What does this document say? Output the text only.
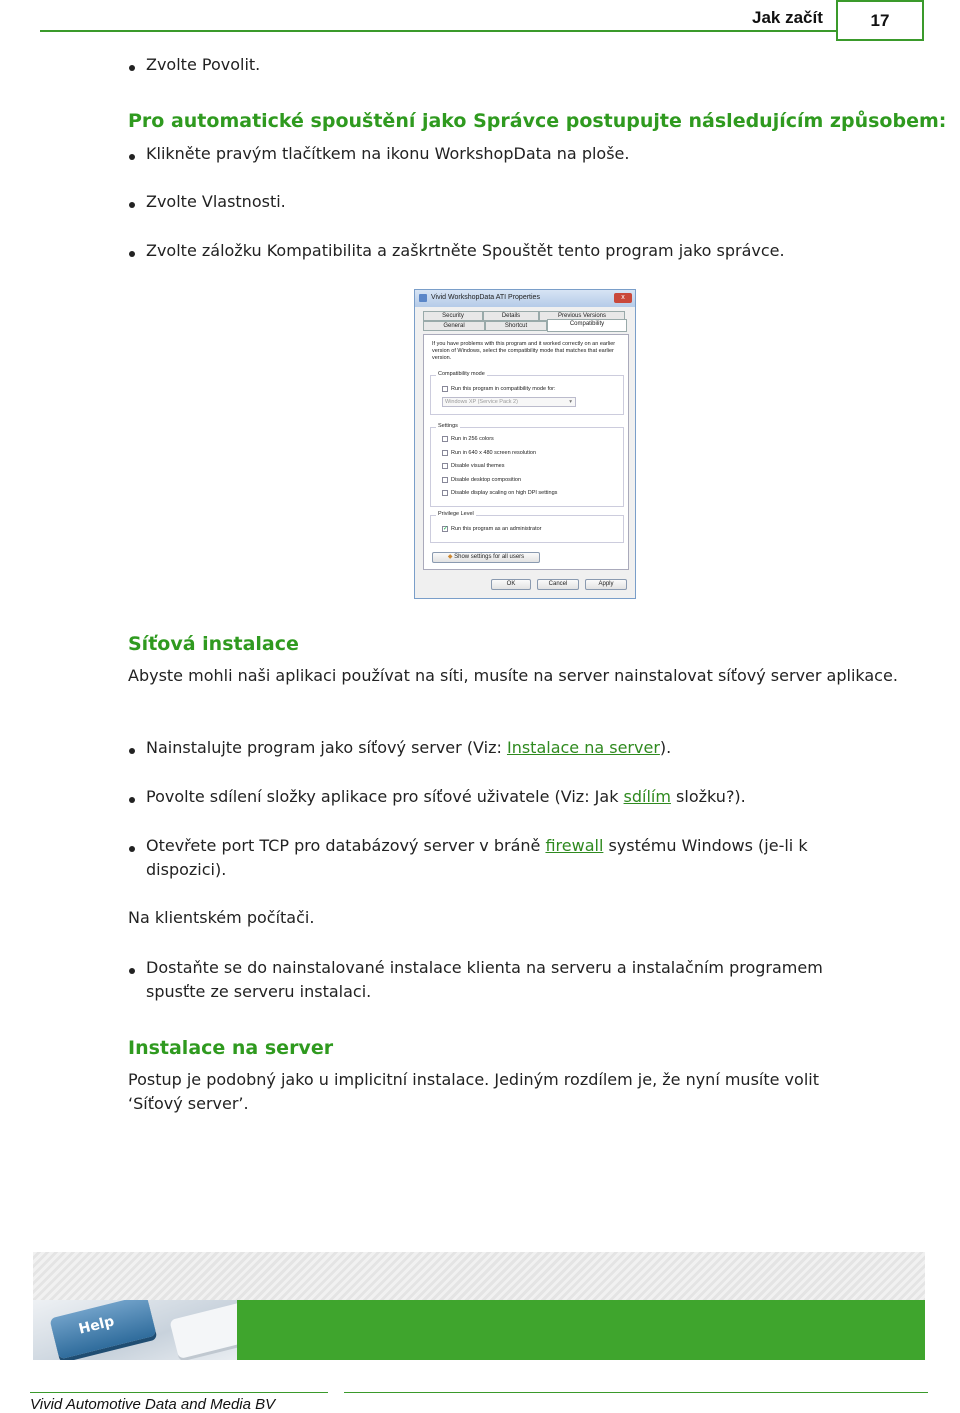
Jak začít	17
Zvolte Povolit.
Pro automatické spouštění jako Správce postupujte následujícím způsobem:
Klikněte pravým tlačítkem na ikonu WorkshopData na ploše.
Zvolte Vlastnosti.
Zvolte záložku Kompatibilita a zaškrtněte Spouštět tento program jako správce.
Vivid WorkshopData ATI Properties	x
Security	Details	Previous Versions
General	Shortcut	Compatibility
If you have problems with this program and it worked correctly on an earlier version of Windows, select the compatibility mode that matches that earlier version.
Compatibility mode
Run this program in compatibility mode for:
Windows XP (Service Pack 2)	▾
Settings
Run in 256 colors
Run in 640 x 480 screen resolution
Disable visual themes
Disable desktop composition
Disable display scaling on high DPI settings
Privilege Level
✓ Run this program as an administrator
◆ Show settings for all users
OK	Cancel	Apply
Síťová instalace
Abyste mohli naši aplikaci používat na síti, musíte na server nainstalovat síťový server aplikace.
Nainstalujte program jako síťový server (Viz: Instalace na server).
Povolte sdílení složky aplikace pro síťové uživatele (Viz: Jak sdílím složku?).
Otevřete port TCP pro databázový server v bráně firewall systému Windows (je-li k
dispozici).
Na klientském počítači.
Dostaňte se do nainstalované instalace klienta na serveru a instalačním programem
spusťte ze serveru instalaci.
Instalace na server
Postup je podobný jako u implicitní instalace. Jediným rozdílem je, že nyní musíte volit
‘Síťový server’.
Help
Vivid Automotive Data and Media BV
